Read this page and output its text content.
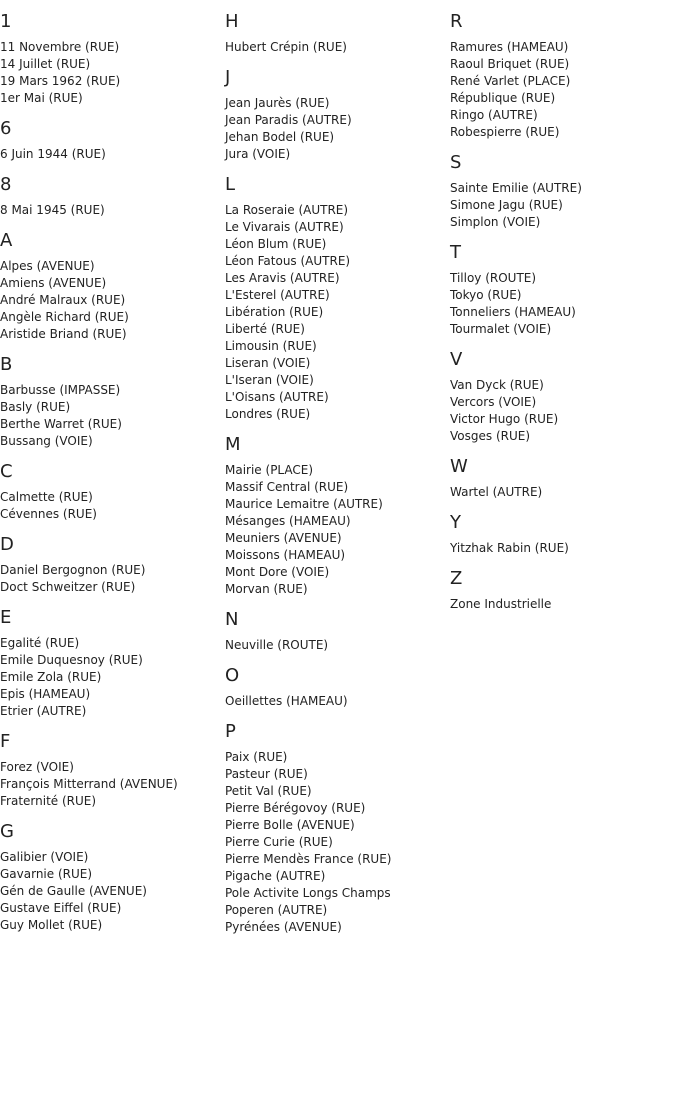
1
11 Novembre (RUE)
14 Juillet (RUE)
19 Mars 1962 (RUE)
1er Mai (RUE)
6
6 Juin 1944 (RUE)
8
8 Mai 1945 (RUE)
A
Alpes (AVENUE)
Amiens (AVENUE)
André Malraux (RUE)
Angèle Richard (RUE)
Aristide Briand (RUE)
B
Barbusse (IMPASSE)
Basly (RUE)
Berthe Warret (RUE)
Bussang (VOIE)
C
Calmette (RUE)
Cévennes (RUE)
D
Daniel Bergognon (RUE)
Doct Schweitzer (RUE)
E
Egalité (RUE)
Emile Duquesnoy (RUE)
Emile Zola (RUE)
Epis (HAMEAU)
Etrier (AUTRE)
F
Forez (VOIE)
François Mitterrand (AVENUE)
Fraternité (RUE)
G
Galibier (VOIE)
Gavarnie (RUE)
Gén de Gaulle (AVENUE)
Gustave Eiffel (RUE)
Guy Mollet (RUE)
H
Hubert Crépin (RUE)
J
Jean Jaurès (RUE)
Jean Paradis (AUTRE)
Jehan Bodel (RUE)
Jura (VOIE)
L
La Roseraie (AUTRE)
Le Vivarais (AUTRE)
Léon Blum (RUE)
Léon Fatous (AUTRE)
Les Aravis (AUTRE)
L'Esterel (AUTRE)
Libération (RUE)
Liberté (RUE)
Limousin (RUE)
Liseran (VOIE)
L'Iseran (VOIE)
L'Oisans (AUTRE)
Londres (RUE)
M
Mairie (PLACE)
Massif Central (RUE)
Maurice Lemaitre (AUTRE)
Mésanges (HAMEAU)
Meuniers (AVENUE)
Moissons (HAMEAU)
Mont Dore (VOIE)
Morvan (RUE)
N
Neuville (ROUTE)
O
Oeillettes (HAMEAU)
P
Paix (RUE)
Pasteur (RUE)
Petit Val (RUE)
Pierre Bérégovoy (RUE)
Pierre Bolle (AVENUE)
Pierre Curie (RUE)
Pierre Mendès France (RUE)
Pigache (AUTRE)
Pole Activite Longs Champs
Poperen (AUTRE)
Pyrénées (AVENUE)
R
Ramures (HAMEAU)
Raoul Briquet (RUE)
René Varlet (PLACE)
République (RUE)
Ringo (AUTRE)
Robespierre (RUE)
S
Sainte Emilie (AUTRE)
Simone Jagu (RUE)
Simplon (VOIE)
T
Tilloy (ROUTE)
Tokyo (RUE)
Tonneliers (HAMEAU)
Tourmalet (VOIE)
V
Van Dyck (RUE)
Vercors (VOIE)
Victor Hugo (RUE)
Vosges (RUE)
W
Wartel (AUTRE)
Y
Yitzhak Rabin (RUE)
Z
Zone Industrielle
